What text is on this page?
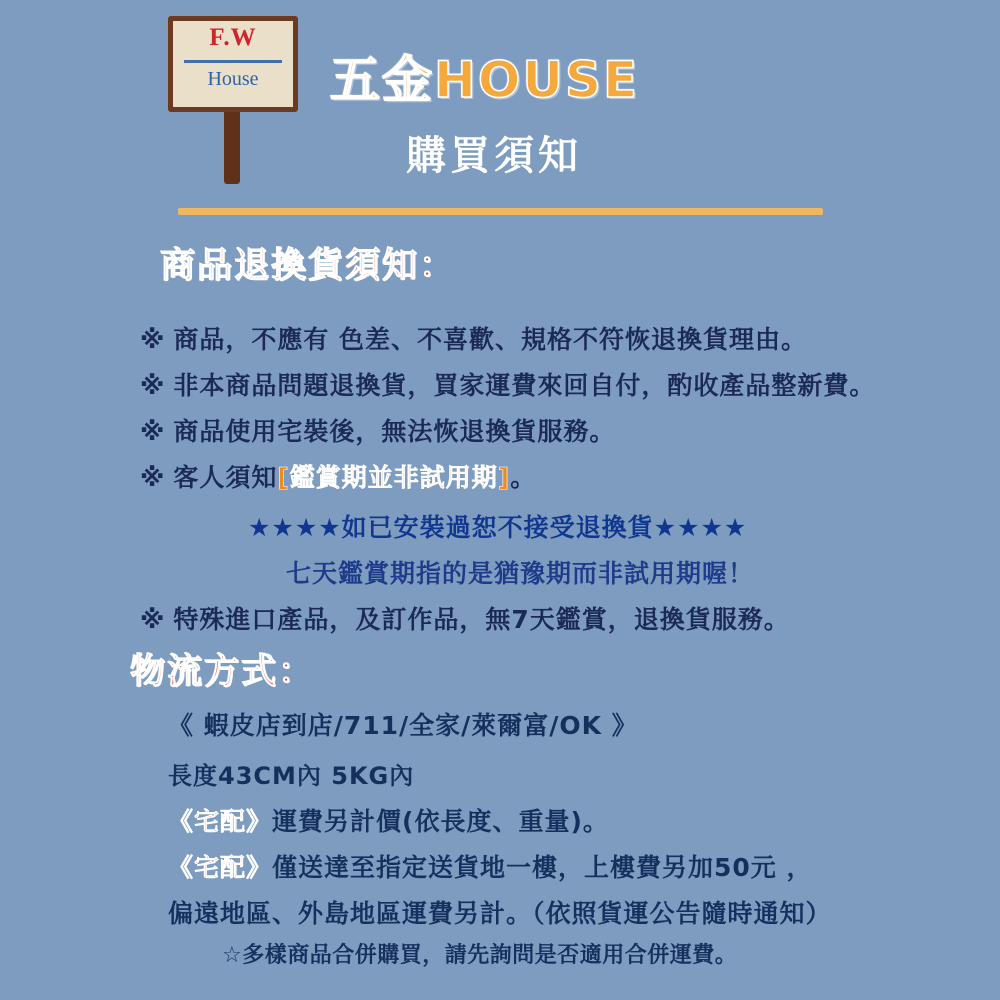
F.W
House	五金HOUSE
購買須知
商品退換貨須知：
※ 商品，不應有 色差、不喜歡、規格不符恢退換貨理由。
※ 非本商品問題退換貨，買家運費來回自付，酌收產品整新費。
※ 商品使用宅裝後，無法恢退換貨服務。
※ 客人須知[鑑賞期並非試用期]。
★★★★如已安裝過恕不接受退換貨★★★★
七天鑑賞期指的是猶豫期而非試用期喔！
※ 特殊進口產品，及訂作品，無7天鑑賞，退換貨服務。
物流方式：
《 蝦皮店到店/711/全家/萊爾富/OK 》
長度43CM內 5KG內
《宅配》運費另計價(依長度、重量)。
《宅配》僅送達至指定送貨地一樓，上樓費另加50元 ，
偏遠地區、外島地區運費另計。（依照貨運公告隨時通知）
☆多樣商品合併購買，請先詢問是否適用合併運費。
